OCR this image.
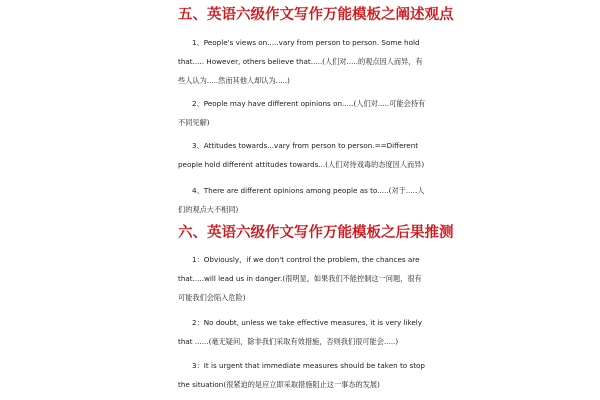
五、英语六级作文写作万能模板之阐述观点
1、People's views on.....vary from person to person. Some hold that..... However, others believe that.....(人们对.....的观点因人而异，有些人认为.....然而其他人却认为.....)
2、People may have different opinions on.....(人们对.....可能会持有不同见解)
3、Attitudes towards...vary from person to person.==Different people hold different attitudes towards...(人们对待戏毒的态度因人而异)
4、There are different opinions among people as to.....(对于.....人们的观点大不相同)
六、英语六级作文写作万能模板之后果推测
1：Obviously，if we don't control the problem, the chances are that.....will lead us in danger.(很明显，如果我们不能控制这一问题，很有可能我们会陷入危险)
2：No doubt, unless we take effective measures, it is very likely that ......(毫无疑问，除非我们采取有效措施，否则我们很可能会.....)
3：It is urgent that immediate measures should be taken to stop the situation(很紧迫的是应立即采取措施阻止这一事态的发展)
